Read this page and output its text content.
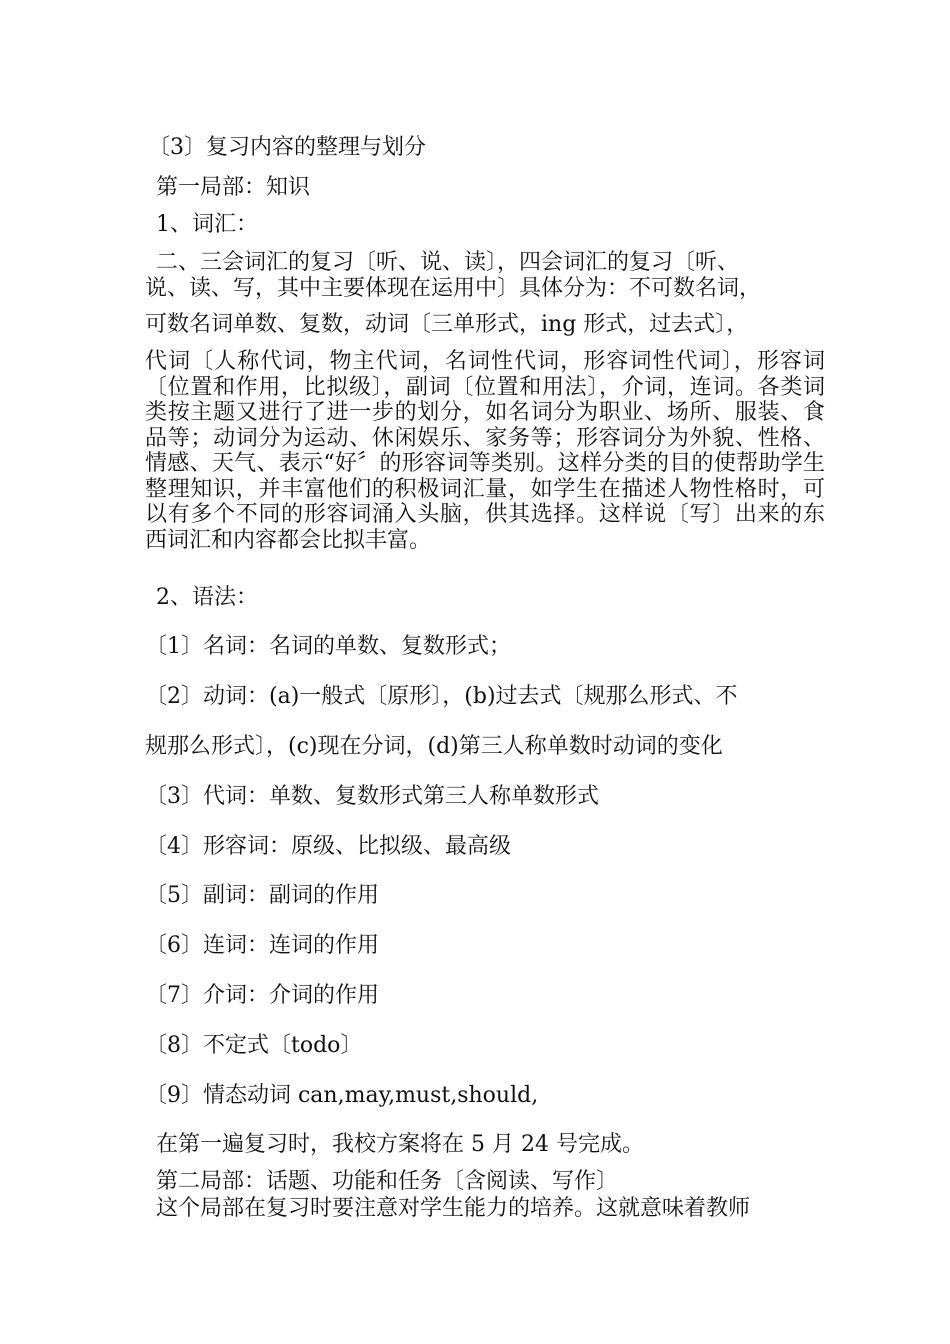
〔3〕复习内容的整理与划分
第一局部：知识
1、词汇：
二、三会词汇的复习〔听、说、读〕，四会词汇的复习〔听、
说、读、写，其中主要体现在运用中〕具体分为：不可数名词，
可数名词单数、复数，动词〔三单形式，ing 形式，过去式〕，
代词〔人称代词，物主代词，名词性代词，形容词性代词〕，形容词〔位置和作用，比拟级〕，副词〔位置和用法〕，介词，连词。各类词类按主题又进行了进一步的划分，如名词分为职业、场所、服装、食品等；动词分为运动、休闲娱乐、家务等；形容词分为外貌、性格、情感、天气、表示“好〞的形容词等类别。这样分类的目的使帮助学生整理知识，并丰富他们的积极词汇量，如学生在描述人物性格时，可以有多个不同的形容词涌入头脑，供其选择。这样说〔写〕出来的东西词汇和内容都会比拟丰富。
2、语法：
〔1〕名词：名词的单数、复数形式；
〔2〕动词：(a)一般式〔原形〕，(b)过去式〔规那么形式、不
规那么形式〕，(c)现在分词，(d)第三人称单数时动词的变化
〔3〕代词：单数、复数形式第三人称单数形式
〔4〕形容词：原级、比拟级、最高级
〔5〕副词：副词的作用
〔6〕连词：连词的作用
〔7〕介词：介词的作用
〔8〕不定式〔todo〕
〔9〕情态动词 can,may,must,should,
在第一遍复习时，我校方案将在 5 月 24 号完成。
第二局部：话题、功能和任务〔含阅读、写作〕
这个局部在复习时要注意对学生能力的培养。这就意味着教师
